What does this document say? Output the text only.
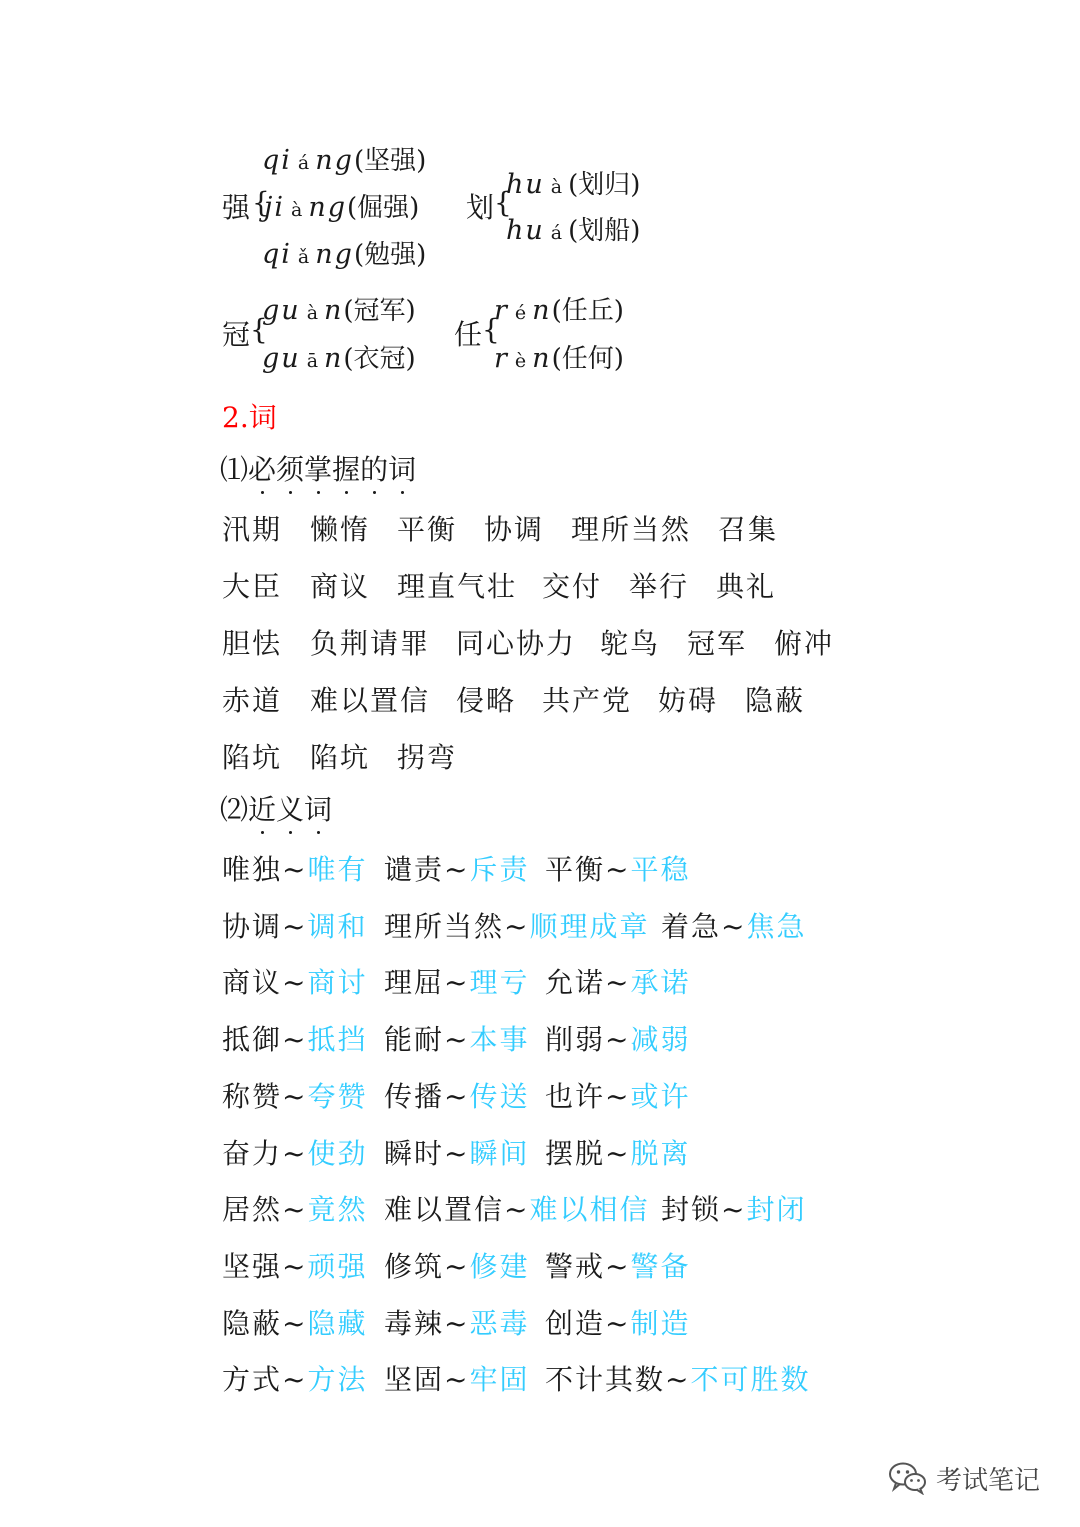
强 {
qi á ng(坚强)
ji à ng(倔强)
qi ǎ ng(勉强)
划 {
hu à (划归)
hu á (划船)
冠 {
gu à n(冠军)
gu ā n(衣冠)
任 {
r é n(任丘)
r è n(任何)
2.词
⑴必须掌握的词
汛期 懒惰 平衡 协调 理所当然 召集
大臣 商议 理直气壮 交付 举行 典礼
胆怯 负荆请罪 同心协力 鸵鸟 冠军 俯冲
赤道 难以置信 侵略 共产党 妨碍 隐蔽
陷坑 陷坑 拐弯
⑵近义词
唯独~唯有 谴责~斥责 平衡~平稳
协调~调和 理所当然~顺理成章 着急~焦急
商议~商讨 理屈~理亏 允诺~承诺
抵御~抵挡 能耐~本事 削弱~减弱
称赞~夸赞 传播~传送 也许~或许
奋力~使劲 瞬时~瞬间 摆脱~脱离
居然~竟然 难以置信~难以相信 封锁~封闭
坚强~顽强 修筑~修建 警戒~警备
隐蔽~隐藏 毒辣~恶毒 创造~制造
方式~方法 坚固~牢固 不计其数~不可胜数
考试笔记
